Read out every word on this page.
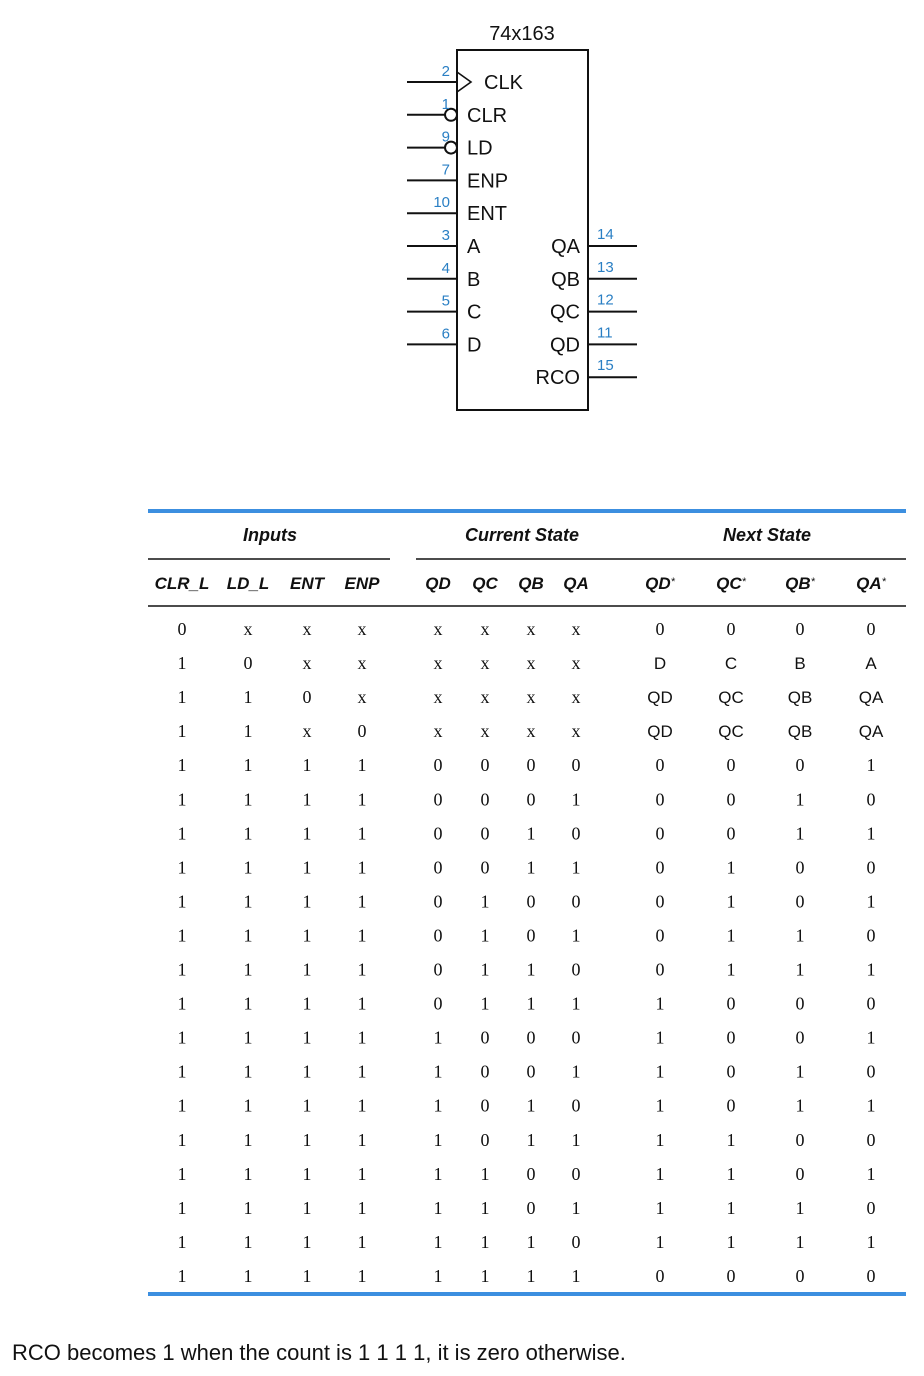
74x163
2
CLK
1
CLR
9
LD
7
ENP
10
ENT
3
A
4
B
5
C
6
D
14
QA
13
QB
12
QC
11
QD
15
RCO
Inputs	Current State	Next State
CLR_L LD_L ENT ENP	QD QC QB QA	QD* QC* QB* QA*
0	x	x	x	x x x x	0	0	0	0
1	0	x	x	x x x x	D	C	B	A
1	1	0	x	x x x x	QD	QC	QB	QA
1	1	x	0	x x x x	QD	QC	QB	QA
1	1	1	1	0 0 0 0	0	0	0	1
1	1	1	1	0 0 0 1	0	0	1	0
1	1	1	1	0 0 1 0	0	0	1	1
1	1	1	1	0 0 1 1	0	1	0	0
1	1	1	1	0 1 0 0	0	1	0	1
1	1	1	1	0 1 0 1	0	1	1	0
1	1	1	1	0 1 1 0	0	1	1	1
1	1	1	1	0 1 1 1	1	0	0	0
1	1	1	1	1 0 0 0	1	0	0	1
1	1	1	1	1 0 0 1	1	0	1	0
1	1	1	1	1 0 1 0	1	0	1	1
1	1	1	1	1 0 1 1	1	1	0	0
1	1	1	1	1 1 0 0	1	1	0	1
1	1	1	1	1 1 0 1	1	1	1	0
1	1	1	1	1 1 1 0	1	1	1	1
1	1	1	1	1 1 1 1	0	0	0	0
RCO becomes 1 when the count is 1 1 1 1, it is zero otherwise.
